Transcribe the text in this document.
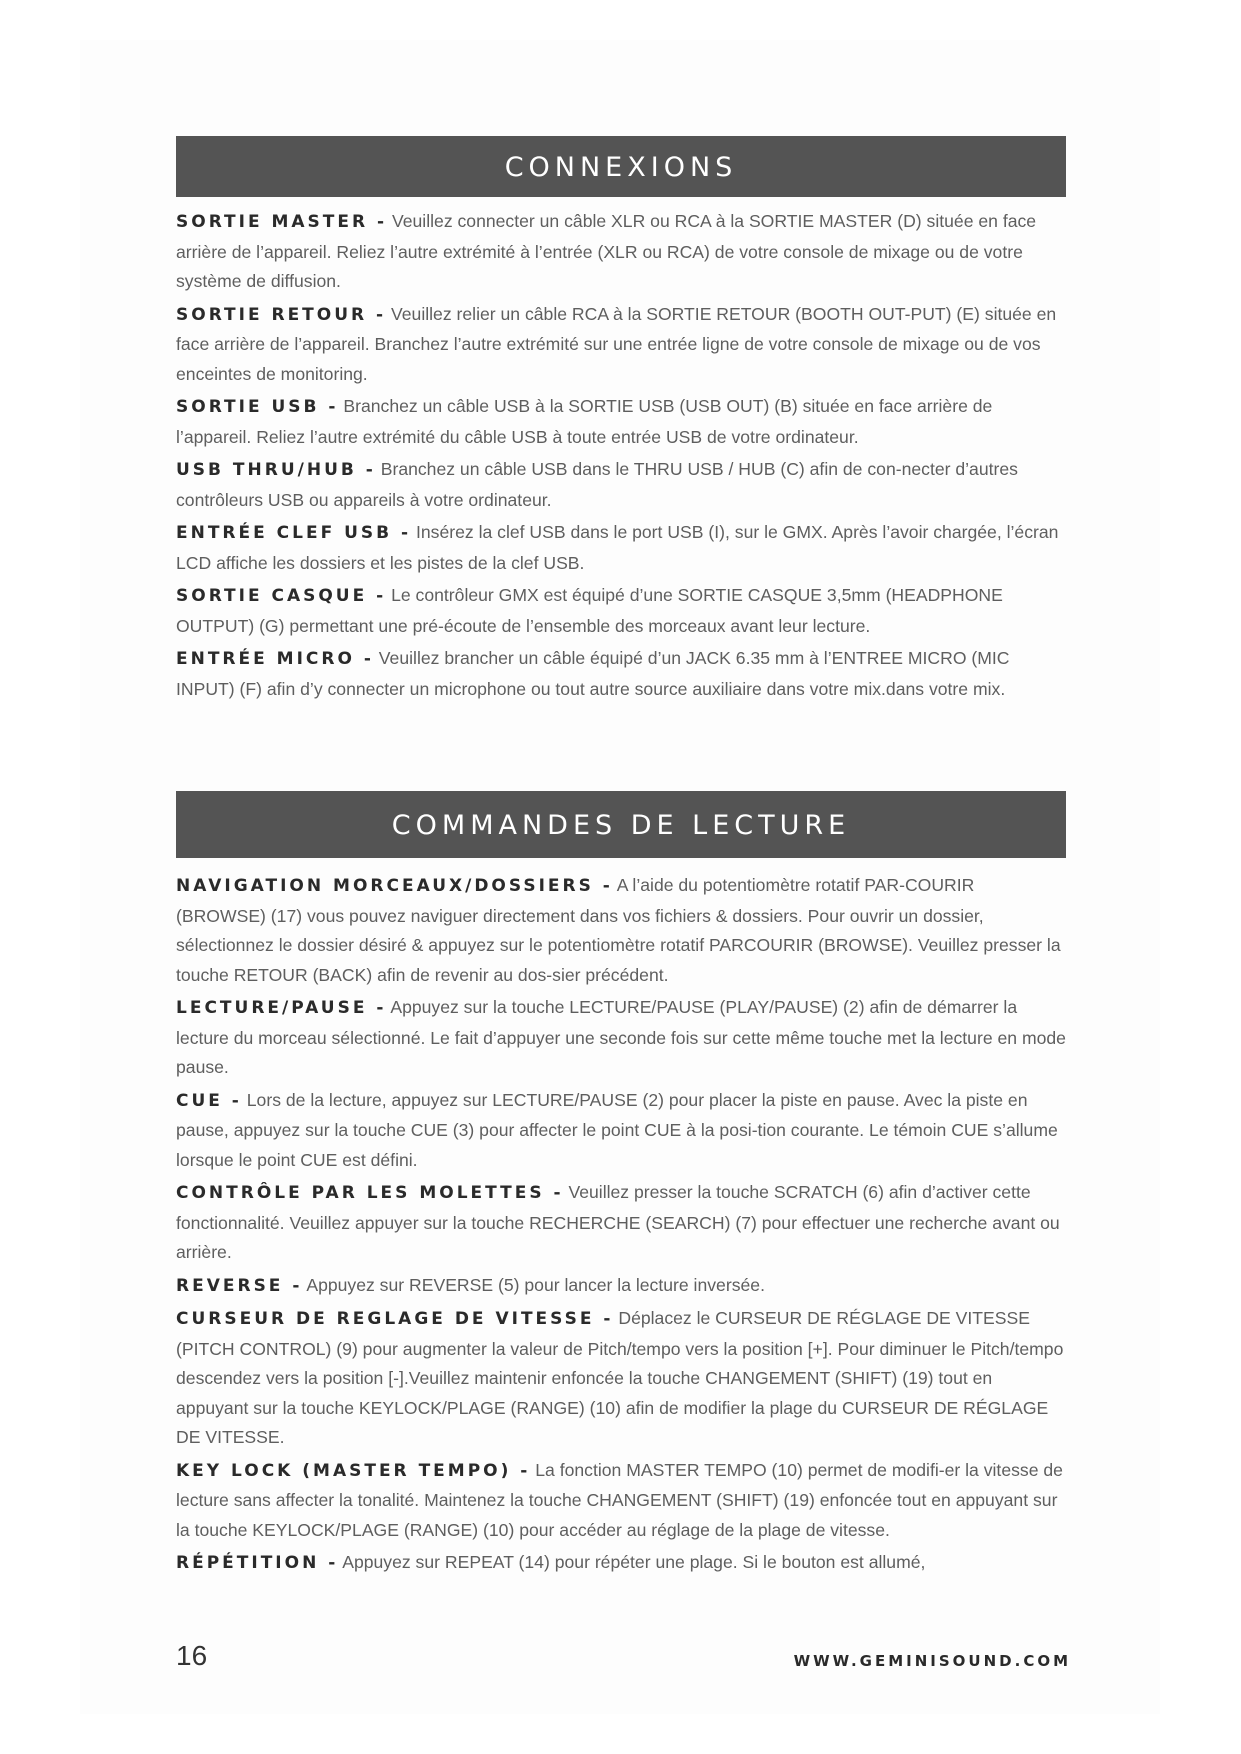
CONNEXIONS

SORTIE MASTER - Veuillez connecter un câble XLR ou RCA à la SORTIE MASTER (D) située en face arrière de l’appareil. Reliez l’autre extrémité à l’entrée (XLR ou RCA) de votre console de mixage ou de votre système de diffusion.

SORTIE RETOUR - Veuillez relier un câble RCA à la SORTIE RETOUR (BOOTH OUT-PUT) (E) située en face arrière de l’appareil. Branchez l’autre extrémité sur une entrée ligne de votre console de mixage ou de vos enceintes de monitoring.

SORTIE USB - Branchez un câble USB à la SORTIE USB (USB OUT) (B) située en face arrière de l’appareil. Reliez l’autre extrémité du câble USB à toute entrée USB de votre ordinateur.

USB THRU/HUB - Branchez un câble USB dans le THRU USB / HUB (C) afin de con-necter d’autres contrôleurs USB ou appareils à votre ordinateur.

ENTRÉE CLEF USB - Insérez la clef USB dans le port USB (I), sur le GMX. Après l’avoir chargée, l’écran LCD affiche les dossiers et les pistes de la clef USB.

SORTIE CASQUE - Le contrôleur GMX est équipé d’une SORTIE CASQUE 3,5mm (HEADPHONE OUTPUT) (G) permettant une pré-écoute de l’ensemble des morceaux avant leur lecture.

ENTRÉE MICRO - Veuillez brancher un câble équipé d’un JACK 6.35 mm à l’ENTREE MICRO (MIC INPUT) (F) afin d’y connecter un microphone ou tout autre source auxiliaire dans votre mix.dans votre mix.

COMMANDES DE LECTURE

NAVIGATION MORCEAUX/DOSSIERS - A l’aide du potentiomètre rotatif PAR-COURIR (BROWSE) (17) vous pouvez naviguer directement dans vos fichiers & dossiers. Pour ouvrir un dossier, sélectionnez le dossier désiré & appuyez sur le potentiomètre rotatif PARCOURIR (BROWSE). Veuillez presser la touche RETOUR (BACK) afin de revenir au dos-sier précédent.

LECTURE/PAUSE - Appuyez sur la touche LECTURE/PAUSE (PLAY/PAUSE) (2) afin de démarrer la lecture du morceau sélectionné. Le fait d’appuyer une seconde fois sur cette même touche met la lecture en mode pause.

CUE - Lors de la lecture, appuyez sur LECTURE/PAUSE (2) pour placer la piste en pause. Avec la piste en pause, appuyez sur la touche CUE (3) pour affecter le point CUE à la posi-tion courante. Le témoin CUE s’allume lorsque le point CUE est défini.

CONTRÔLE PAR LES MOLETTES - Veuillez presser la touche SCRATCH (6) afin d’activer cette fonctionnalité. Veuillez appuyer sur la touche RECHERCHE (SEARCH) (7) pour effectuer une recherche avant ou arrière.

REVERSE - Appuyez sur REVERSE (5) pour lancer la lecture inversée.

CURSEUR DE REGLAGE DE VITESSE - Déplacez le CURSEUR DE RÉGLAGE DE VITESSE (PITCH CONTROL) (9) pour augmenter la valeur de Pitch/tempo vers la position [+]. Pour diminuer le Pitch/tempo descendez vers la position [-].Veuillez maintenir enfoncée la touche CHANGEMENT (SHIFT) (19) tout en appuyant sur la touche KEYLOCK/PLAGE (RANGE) (10) afin de modifier la plage du CURSEUR DE RÉGLAGE DE VITESSE.

KEY LOCK (MASTER TEMPO) - La fonction MASTER TEMPO (10) permet de modifi-er la vitesse de lecture sans affecter la tonalité. Maintenez la touche CHANGEMENT (SHIFT) (19) enfoncée tout en appuyant sur la touche KEYLOCK/PLAGE (RANGE) (10) pour accéder au réglage de la plage de vitesse.

RÉPÉTITION - Appuyez sur REPEAT (14) pour répéter une plage. Si le bouton est allumé,

16	WWW.GEMINISOUND.COM
